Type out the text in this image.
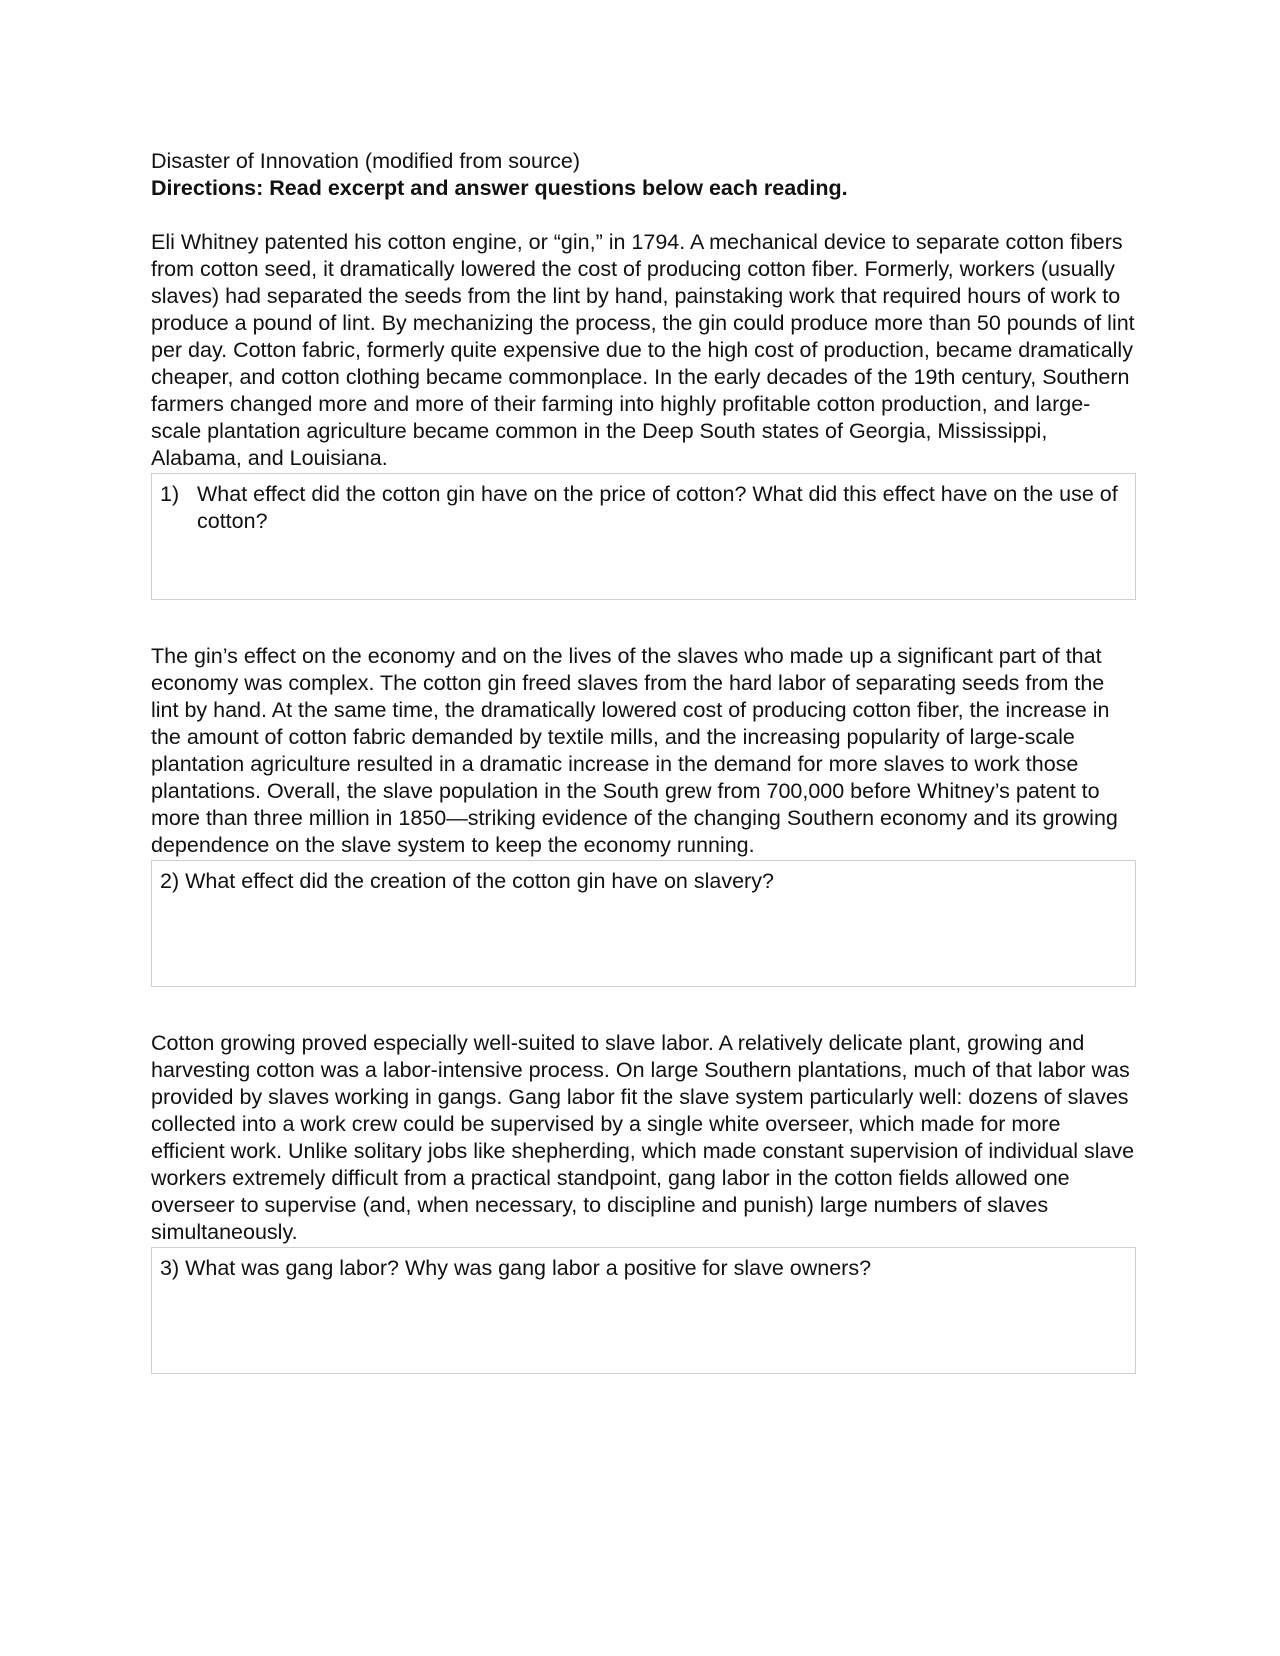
Disaster of Innovation (modified from source)

Directions: Read excerpt and answer questions below each reading.

Eli Whitney patented his cotton engine, or “gin,” in 1794. A mechanical device to separate cotton fibers from cotton seed, it dramatically lowered the cost of producing cotton fiber. Formerly, workers (usually slaves) had separated the seeds from the lint by hand, painstaking work that required hours of work to produce a pound of lint. By mechanizing the process, the gin could produce more than 50 pounds of lint per day. Cotton fabric, formerly quite expensive due to the high cost of production, became dramatically cheaper, and cotton clothing became commonplace. In the early decades of the 19th century, Southern farmers changed more and more of their farming into highly profitable cotton production, and large-scale plantation agriculture became common in the Deep South states of Georgia, Mississippi, Alabama, and Louisiana.

1) What effect did the cotton gin have on the price of cotton? What did this effect have on the use of cotton?

The gin’s effect on the economy and on the lives of the slaves who made up a significant part of that economy was complex. The cotton gin freed slaves from the hard labor of separating seeds from the lint by hand. At the same time, the dramatically lowered cost of producing cotton fiber, the increase in the amount of cotton fabric demanded by textile mills, and the increasing popularity of large-scale plantation agriculture resulted in a dramatic increase in the demand for more slaves to work those plantations. Overall, the slave population in the South grew from 700,000 before Whitney’s patent to more than three million in 1850—striking evidence of the changing Southern economy and its growing dependence on the slave system to keep the economy running.

2) What effect did the creation of the cotton gin have on slavery?

Cotton growing proved especially well-suited to slave labor. A relatively delicate plant, growing and harvesting cotton was a labor-intensive process. On large Southern plantations, much of that labor was provided by slaves working in gangs. Gang labor fit the slave system particularly well: dozens of slaves collected into a work crew could be supervised by a single white overseer, which made for more efficient work. Unlike solitary jobs like shepherding, which made constant supervision of individual slave workers extremely difficult from a practical standpoint, gang labor in the cotton fields allowed one overseer to supervise (and, when necessary, to discipline and punish) large numbers of slaves simultaneously.

3) What was gang labor? Why was gang labor a positive for slave owners?
